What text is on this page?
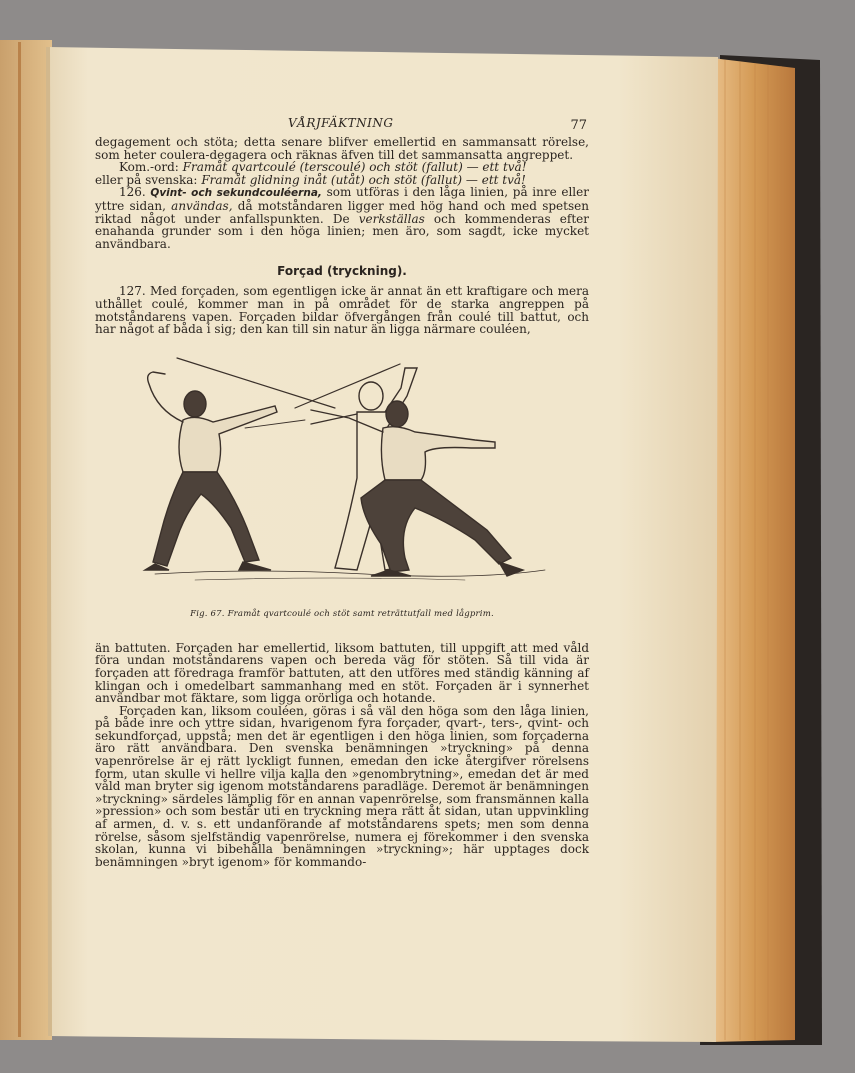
VÅRJFÄKTNING	77

degagement och stöta; detta senare blifver emellertid en sammansatt rörelse, som heter coulera-degagera och räknas äfven till det sammansatta angreppet.

Kom.-ord: Framåt qvartcoulé (terscoulé) och stöt (fallut) — ett två!

eller på svenska: Framåt glidning inåt (utåt) och stöt (fallut) — ett två!

126. Qvint- och sekundcouléerna, som utföras i den låga linien, på inre eller yttre sidan, användas, då motståndaren ligger med hög hand och med spetsen riktad något under anfallspunkten. De verkställas och kommenderas efter enahanda grunder som i den höga linien; men äro, som sagdt, icke mycket användbara.

Forçad (tryckning).

127. Med forçaden, som egentligen icke är annat än ett kraftigare och mera uthållet coulé, kommer man in på området för de starka angreppen på motståndarens vapen. Forçaden bildar öfvergången från coulé till battut, och har något af båda i sig; den kan till sin natur än ligga närmare couléen,

Fig. 67. Framåt qvartcoulé och stöt samt reträttutfall med lågprim.

än battuten. Forçaden har emellertid, liksom battuten, till uppgift att med våld föra undan motståndarens vapen och bereda väg för stöten. Så till vida är forçaden att föredraga framför battuten, att den utföres med ständig känning af klingan och i omedelbart sammanhang med en stöt. Forçaden är i synnerhet användbar mot fäktare, som ligga orörliga och hotande.

Forçaden kan, liksom couléen, göras i så väl den höga som den låga linien, på både inre och yttre sidan, hvarigenom fyra forçader, qvart-, ters-, qvint- och sekundforçad, uppstå; men det är egentligen i den höga linien, som forçaderna äro rätt användbara. Den svenska benämningen »tryckning» på denna vapenrörelse är ej rätt lyckligt funnen, emedan den icke återgifver rörelsens form, utan skulle vi hellre vilja kalla den »genombrytning», emedan det är med våld man bryter sig igenom motståndarens paradläge. Deremot är benämningen »tryckning» särdeles lämplig för en annan vapenrörelse, som fransmännen kalla »pression» och som består uti en tryckning mera rätt åt sidan, utan uppvinkling af armen, d. v. s. ett undanförande af motståndarens spets; men som denna rörelse, såsom sjelfständig vapenrörelse, numera ej förekommer i den svenska skolan, kunna vi bibehålla benämningen »tryckning»; här upptages dock benämningen »bryt igenom» för kommando-
